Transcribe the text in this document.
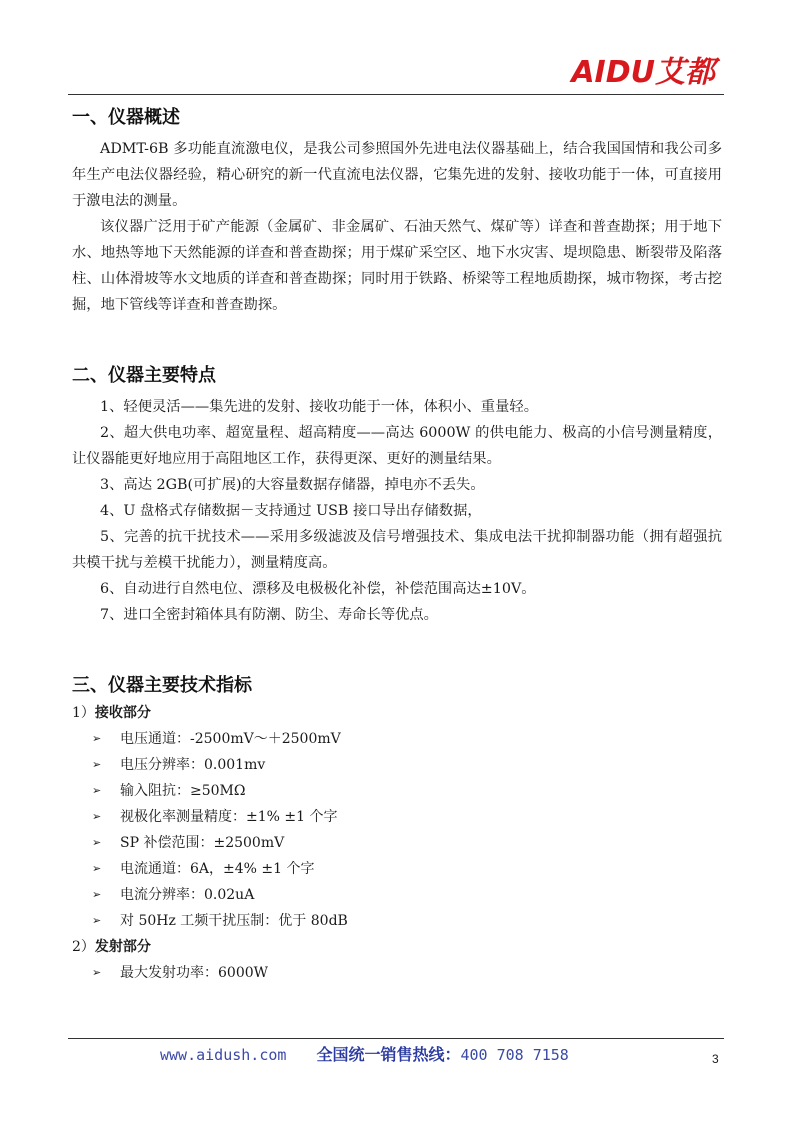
AIDU艾都
一、仪器概述

ADMT-6B 多功能直流激电仪，是我公司参照国外先进电法仪器基础上，结合我国国情和我公司多年生产电法仪器经验，精心研究的新一代直流电法仪器，它集先进的发射、接收功能于一体，可直接用于激电法的测量。

该仪器广泛用于矿产能源（金属矿、非金属矿、石油天然气、煤矿等）详查和普查勘探；用于地下水、地热等地下天然能源的详查和普查勘探；用于煤矿采空区、地下水灾害、堤坝隐患、断裂带及陷落柱、山体滑坡等水文地质的详查和普查勘探；同时用于铁路、桥梁等工程地质勘探，城市物探，考古挖掘，地下管线等详查和普查勘探。

二、仪器主要特点

1、轻便灵活——集先进的发射、接收功能于一体，体积小、重量轻。

2、超大供电功率、超宽量程、超高精度——高达 6000W 的供电能力、极高的小信号测量精度，让仪器能更好地应用于高阻地区工作，获得更深、更好的测量结果。

3、高达 2GB(可扩展)的大容量数据存储器，掉电亦不丢失。

4、U 盘格式存储数据－支持通过 USB 接口导出存储数据，

5、完善的抗干扰技术——采用多级滤波及信号增强技术、集成电法干扰抑制器功能（拥有超强抗共模干扰与差模干扰能力），测量精度高。

6、自动进行自然电位、漂移及电极极化补偿，补偿范围高达±10V。

7、进口全密封箱体具有防潮、防尘、寿命长等优点。

三、仪器主要技术指标
1）接收部分
➢	电压通道：-2500mV～＋2500mV
➢	电压分辨率：0.001mv
➢	输入阻抗：≥50MΩ
➢	视极化率测量精度：±1% ±1 个字
➢	SP 补偿范围：±2500mV
➢	电流通道：6A，±4% ±1 个字
➢	电流分辨率：0.02uA
➢	对 50Hz 工频干扰压制：优于 80dB
2）发射部分
➢	最大发射功率：6000W
www.aidush.com 全国统一销售热线： 400 708 7158	3
